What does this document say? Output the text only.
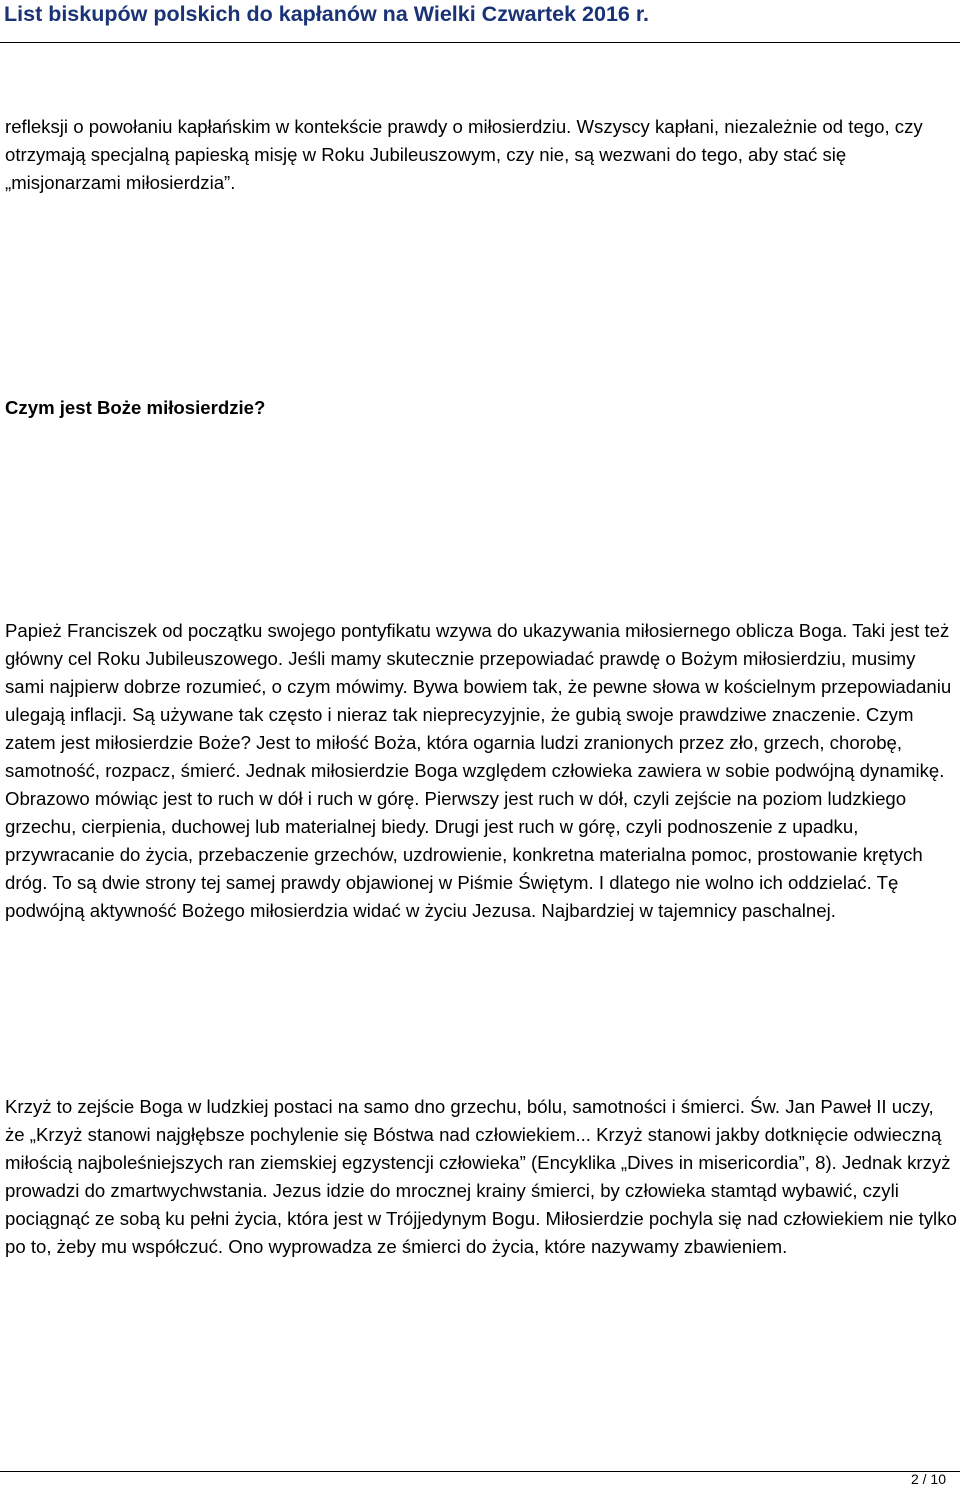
List biskupów polskich do kapłanów na Wielki Czwartek 2016 r.

refleksji o powołaniu kapłańskim w kontekście prawdy o miłosierdziu. Wszyscy kapłani, niezależnie od tego, czy otrzymają specjalną papieską misję w Roku Jubileuszowym, czy nie, są wezwani do tego, aby stać się „misjonarzami miłosierdzia”.

Czym jest Boże miłosierdzie?

Papież Franciszek od początku swojego pontyfikatu wzywa do ukazywania miłosiernego oblicza Boga. Taki jest też główny cel Roku Jubileuszowego. Jeśli mamy skutecznie przepowiadać prawdę o Bożym miłosierdziu, musimy sami najpierw dobrze rozumieć, o czym mówimy. Bywa bowiem tak, że pewne słowa w kościelnym przepowiadaniu ulegają inflacji. Są używane tak często i nieraz tak nieprecyzyjnie, że gubią swoje prawdziwe znaczenie. Czym zatem jest miłosierdzie Boże? Jest to miłość Boża, która ogarnia ludzi zranionych przez zło, grzech, chorobę, samotność, rozpacz, śmierć. Jednak miłosierdzie Boga względem człowieka zawiera w sobie podwójną dynamikę. Obrazowo mówiąc jest to ruch w dół i ruch w górę. Pierwszy jest ruch w dół, czyli zejście na poziom ludzkiego grzechu, cierpienia, duchowej lub materialnej biedy. Drugi jest ruch w górę, czyli podnoszenie z upadku, przywracanie do życia, przebaczenie grzechów, uzdrowienie, konkretna materialna pomoc, prostowanie krętych dróg. To są dwie strony tej samej prawdy objawionej w Piśmie Świętym. I dlatego nie wolno ich oddzielać. Tę podwójną aktywność Bożego miłosierdzia widać w życiu Jezusa. Najbardziej w tajemnicy paschalnej.

Krzyż to zejście Boga w ludzkiej postaci na samo dno grzechu, bólu, samotności i śmierci. Św. Jan Paweł II uczy, że „Krzyż stanowi najgłębsze pochylenie się Bóstwa nad człowiekiem... Krzyż stanowi jakby dotknięcie odwieczną miłością najboleśniejszych ran ziemskiej egzystencji człowieka” (Encyklika „Dives in misericordia”, 8). Jednak krzyż prowadzi do zmartwychwstania. Jezus idzie do mrocznej krainy śmierci, by człowieka stamtąd wybawić, czyli pociągnąć ze sobą ku pełni życia, która jest w Trójjedynym Bogu. Miłosierdzie pochyla się nad człowiekiem nie tylko po to, żeby mu współczuć. Ono wyprowadza ze śmierci do życia, które nazywamy zbawieniem.

2 / 10
